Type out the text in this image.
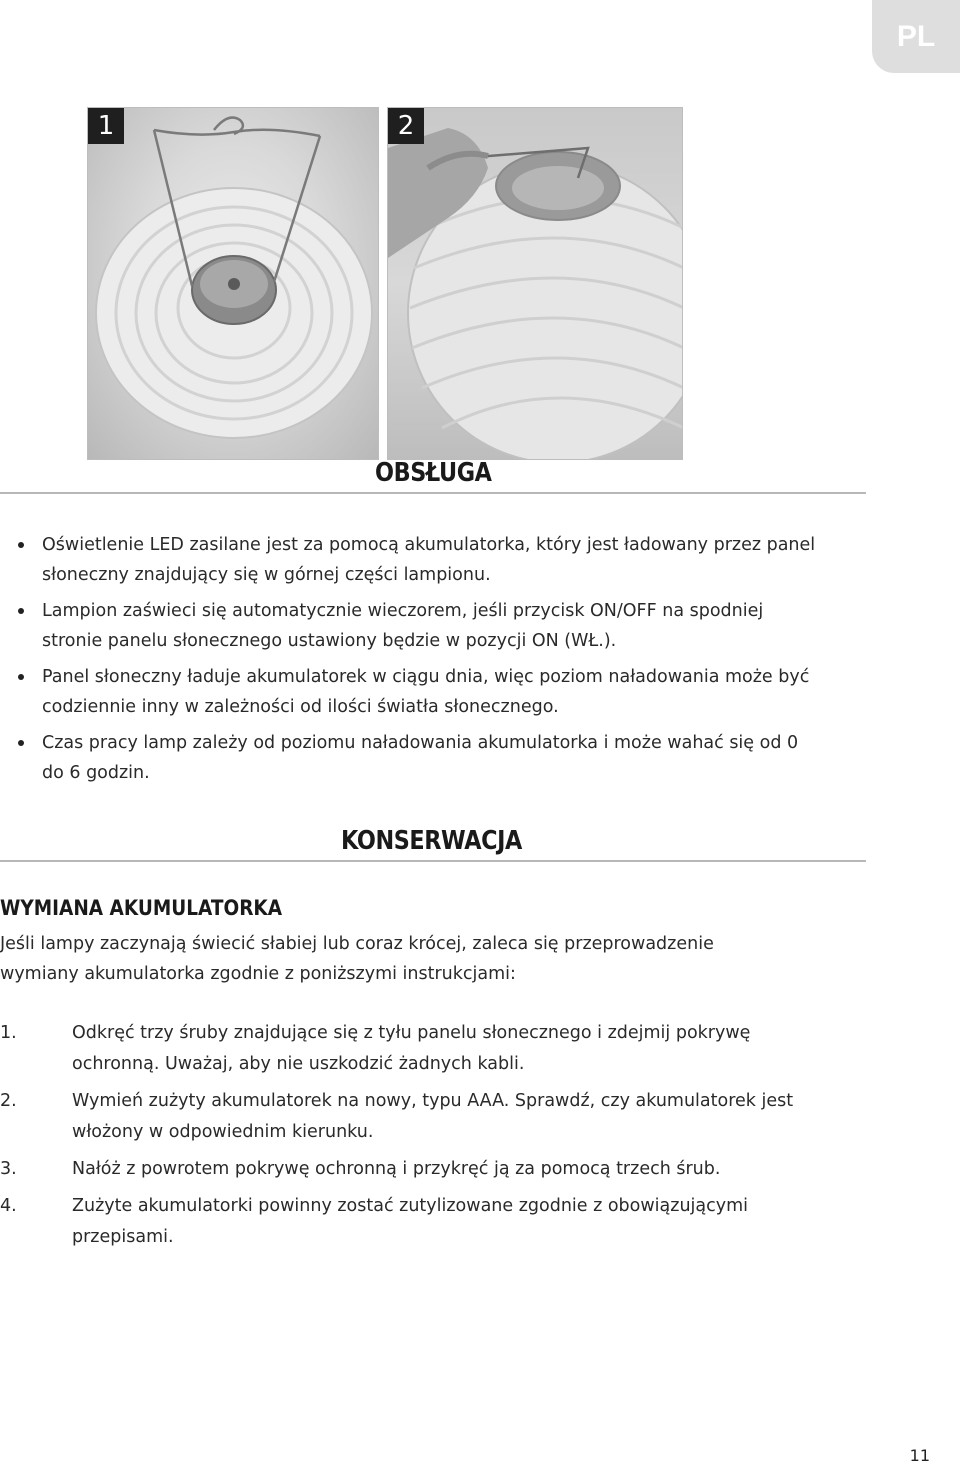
PL
1	2
OBSŁUGA
Oświetlenie LED zasilane jest za pomocą akumulatorka, który jest ładowany przez panel słoneczny znajdujący się w górnej części lampionu.
Lampion zaświeci się automatycznie wieczorem, jeśli przycisk ON/OFF na spodniej stronie panelu słonecznego ustawiony będzie w pozycji ON (WŁ.).
Panel słoneczny ładuje akumulatorek w ciągu dnia, więc poziom naładowania może być codziennie inny w zależności od ilości światła słonecznego.
Czas pracy lamp zależy od poziomu naładowania akumulatorka i może wahać się od 0 do 6 godzin.
KONSERWACJA
WYMIANA AKUMULATORKA

Jeśli lampy zaczynają świecić słabiej lub coraz krócej, zaleca się przeprowadzenie wymiany akumulatorka zgodnie z poniższymi instrukcjami:

1.	Odkręć trzy śruby znajdujące się z tyłu panelu słonecznego i zdejmij pokrywę ochronną. Uważaj, aby nie uszkodzić żadnych kabli.
2.	Wymień zużyty akumulatorek na nowy, typu AAA. Sprawdź, czy akumulatorek jest włożony w odpowiednim kierunku.
3.	Nałóż z powrotem pokrywę ochronną i przykręć ją za pomocą trzech śrub.
4.	Zużyte akumulatorki powinny zostać zutylizowane zgodnie z obowiązującymi przepisami.
11
